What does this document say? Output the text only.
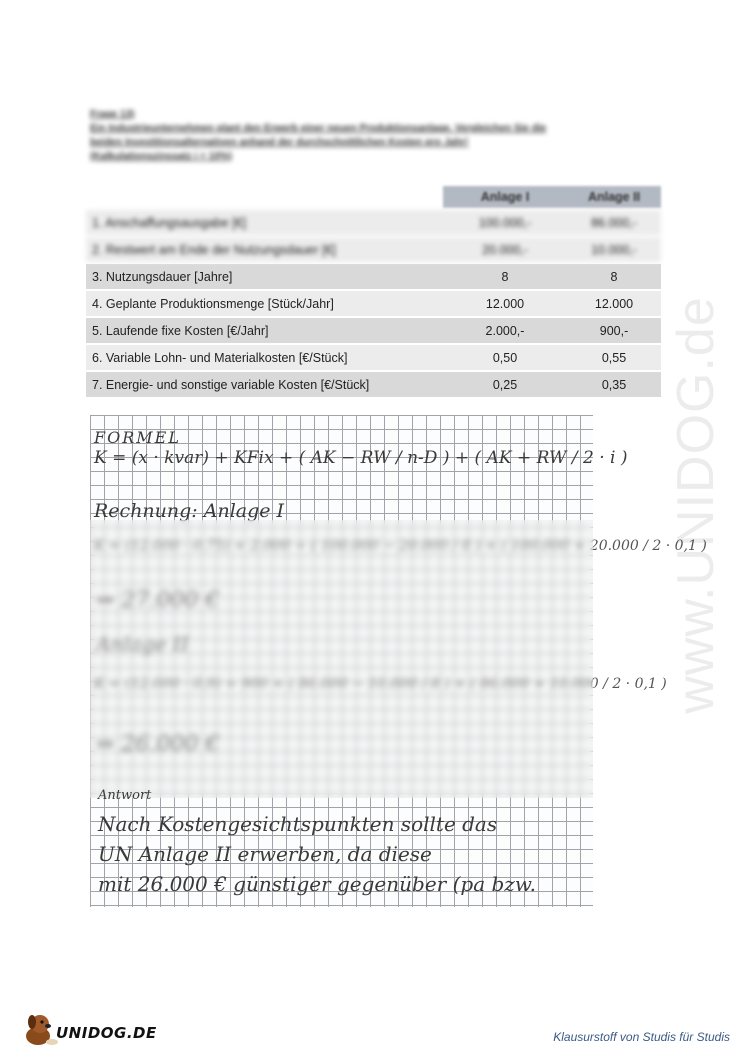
Frage 13)
Ein Industrieunternehmen plant den Erwerb einer neuen Produktionsanlage. Vergleichen Sie die
beiden Investitionsalternativen anhand der durchschnittlichen Kosten pro Jahr!
(Kalkulationszinssatz i = 10%)
	Anlage I	Anlage II
1. Anschaffungsausgabe [€]	100.000,-	86.000,-
2. Restwert am Ende der Nutzungsdauer [€]	20.000,-	10.000,-
3. Nutzungsdauer [Jahre]	8	8
4. Geplante Produktionsmenge [Stück/Jahr]	12.000	12.000
5. Laufende fixe Kosten [€/Jahr]	2.000,-	900,-
6. Variable Lohn- und Materialkosten [€/Stück]	0,50	0,55
7. Energie- und sonstige variable Kosten [€/Stück]	0,25	0,35 www.UNIDOG.de
FORMEL
K = (x · kvar) + KFix + ( AK − RW / n-D ) + ( AK + RW / 2 · i )
Rechnung: Anlage I
K = (12.000 · 0,75) + 2.000 + ( 100.000 − 20.000 / 8 ) + ( 100.000 + 20.000 / 2 · 0,1 )
⇒ 27.000 €
Anlage II
K = (12.000 · 0,9) + 900 + ( 86.000 − 10.000 / 8 ) + ( 86.000 + 10.000 / 2 · 0,1 )
⇒ 26.000 €
Antwort
Nach Kostengesichtspunkten sollte das
UN Anlage II erwerben, da diese
mit 26.000 € günstiger gegenüber (pa bzw.
UNIDOG.DE	Klausurstoff von Studis für Studis
